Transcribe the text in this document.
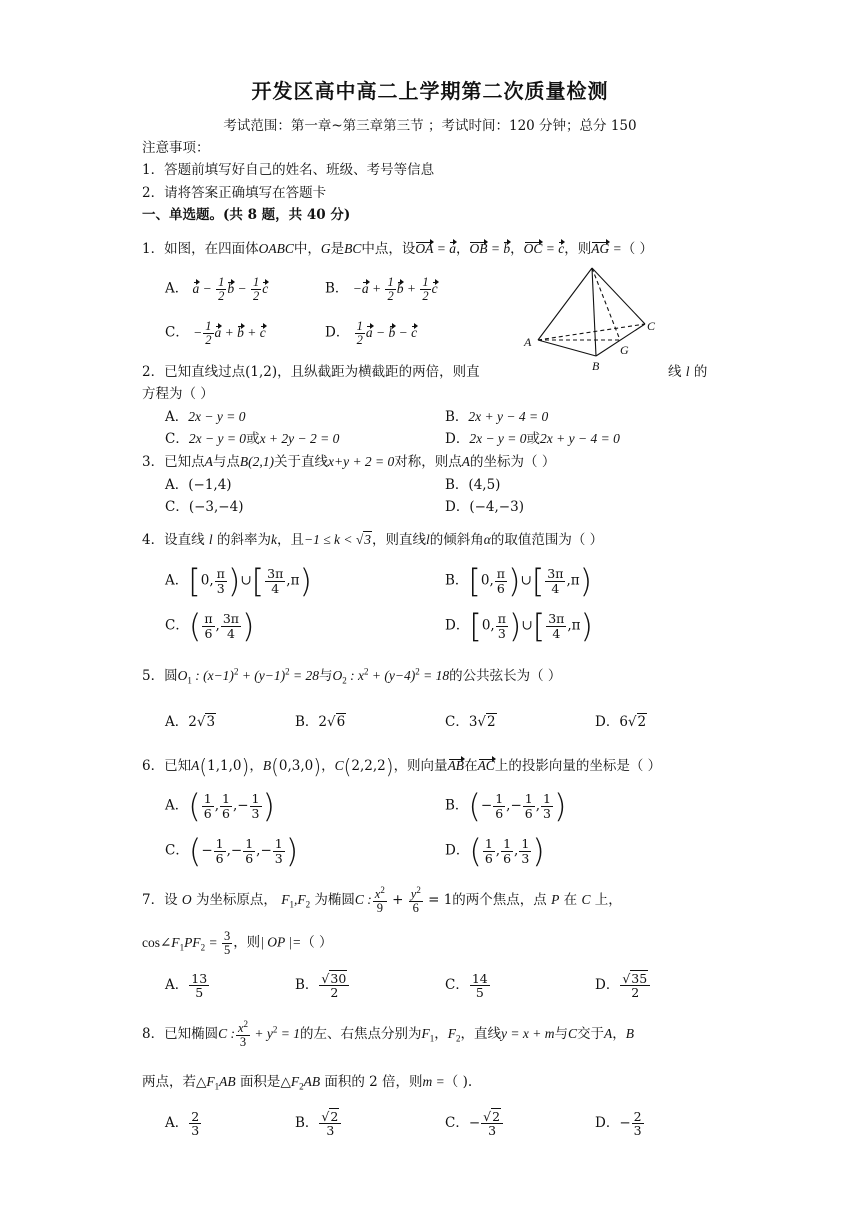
开发区高中高二上学期第二次质量检测
考试范围：第一章~第三章第三节 ；考试时间：120 分钟；总分 150
注意事项：
1．答题前填写好自己的姓名、班级、考号等信息
2．请将答案正确填写在答题卡
一、单选题。(共 8 题，共 40 分)
1．如图，在四面体OABC中，G是BC中点，设OA = a，OB = b，OC = c，则AG =（ ）
A． $a - \frac{1}{2}$ $b - \frac{1}{2}$ c	B． $-a + \frac{1}{2}$ $b + \frac{1}{2}$ c
C． − $\frac{1}{2}$ a + b + c	D． $\frac{1}{2}$ a − b − c
A
B
C
G
2．已知直线过点(1,2)，且纵截距为横截距的两倍，则直	线 l 的
方程为（ ）
A．2x − y = 0	B．2x + y − 4 = 0
C．2x − y = 0或x + 2y − 2 = 0	D．2x − y = 0或2x + y − 4 = 0
3．已知点A与点B(2,1)关于直线x+y + 2 = 0对称，则点A的坐标为（ ）
A．(−1,4)	B．(4,5)
C．(−3,−4)	D．(−4,−3)
4．设直线 l 的斜率为k，且−1 ≤ k < √3，则直线l的倾斜角α的取值范围为（ ）
A．[0, $\frac{\pi}{3}$ )∪[ $\frac{3\pi}{4} ,\pi$)	B．[0, $\frac{\pi}{6}$ )∪[ $\frac{3\pi}{4} ,\pi$)
C．( $\frac{\pi}{6}$ , $\frac{3\pi}{4}$ )	D．[0, $\frac{\pi}{3}$ )∪[ $\frac{3\pi}{4} ,\pi$)
5．圆$O_1$ : $(x-1)^2 + (y-1)^2 = 28$与$O_2$ : $x^2 + (y-4)^2 = 18$的公共弦长为（ ）
A．2√3	B．2√6	C．3√2	D．6√2
6．已知A(1,1,0)，B(0,3,0)，C(2,2,2)，则向量AB在AC上的投影向量的坐标是（ ）
A．( $\frac{1}{6}$ , $\frac{1}{6}$ ,− $\frac{1}{3}$ )	B．(− $\frac{1}{6}$ ,− $\frac{1}{6}$ , $\frac{1}{3}$ )
C．(− $\frac{1}{6}$ ,− $\frac{1}{6}$ ,− $\frac{1}{3}$ )	D．( $\frac{1}{6}$ , $\frac{1}{6}$ , $\frac{1}{3}$ )
7．设 O 为坐标原点， $F_1,F_2$ 为椭圆C : $\frac{x^2}{9} + \frac{y^2}{6} = 1$的两个焦点，点 P 在 C 上，
$\cos\angle F_1PF_2 = \frac{3}{5}$ ，则| OP |=（ ）
A． $\frac{13}{5}$	B． $\frac{√30}{2}$	C． $\frac{14}{5}$	D． $\frac{√35}{2}$
8．已知椭圆C : $\frac{x^2}{3} + y^2 = 1$的左、右焦点分别为$F_1$，$F_2$，直线y = x + m与C交于A，B
两点，若$\triangle F_1AB$ 面积是$\triangle F_2AB$ 面积的 2 倍，则m =（ ).
A． $\frac{2}{3}$	B． $\frac{√2}{3}$	C．− $\frac{√2}{3}$	D．− $\frac{2}{3}$
